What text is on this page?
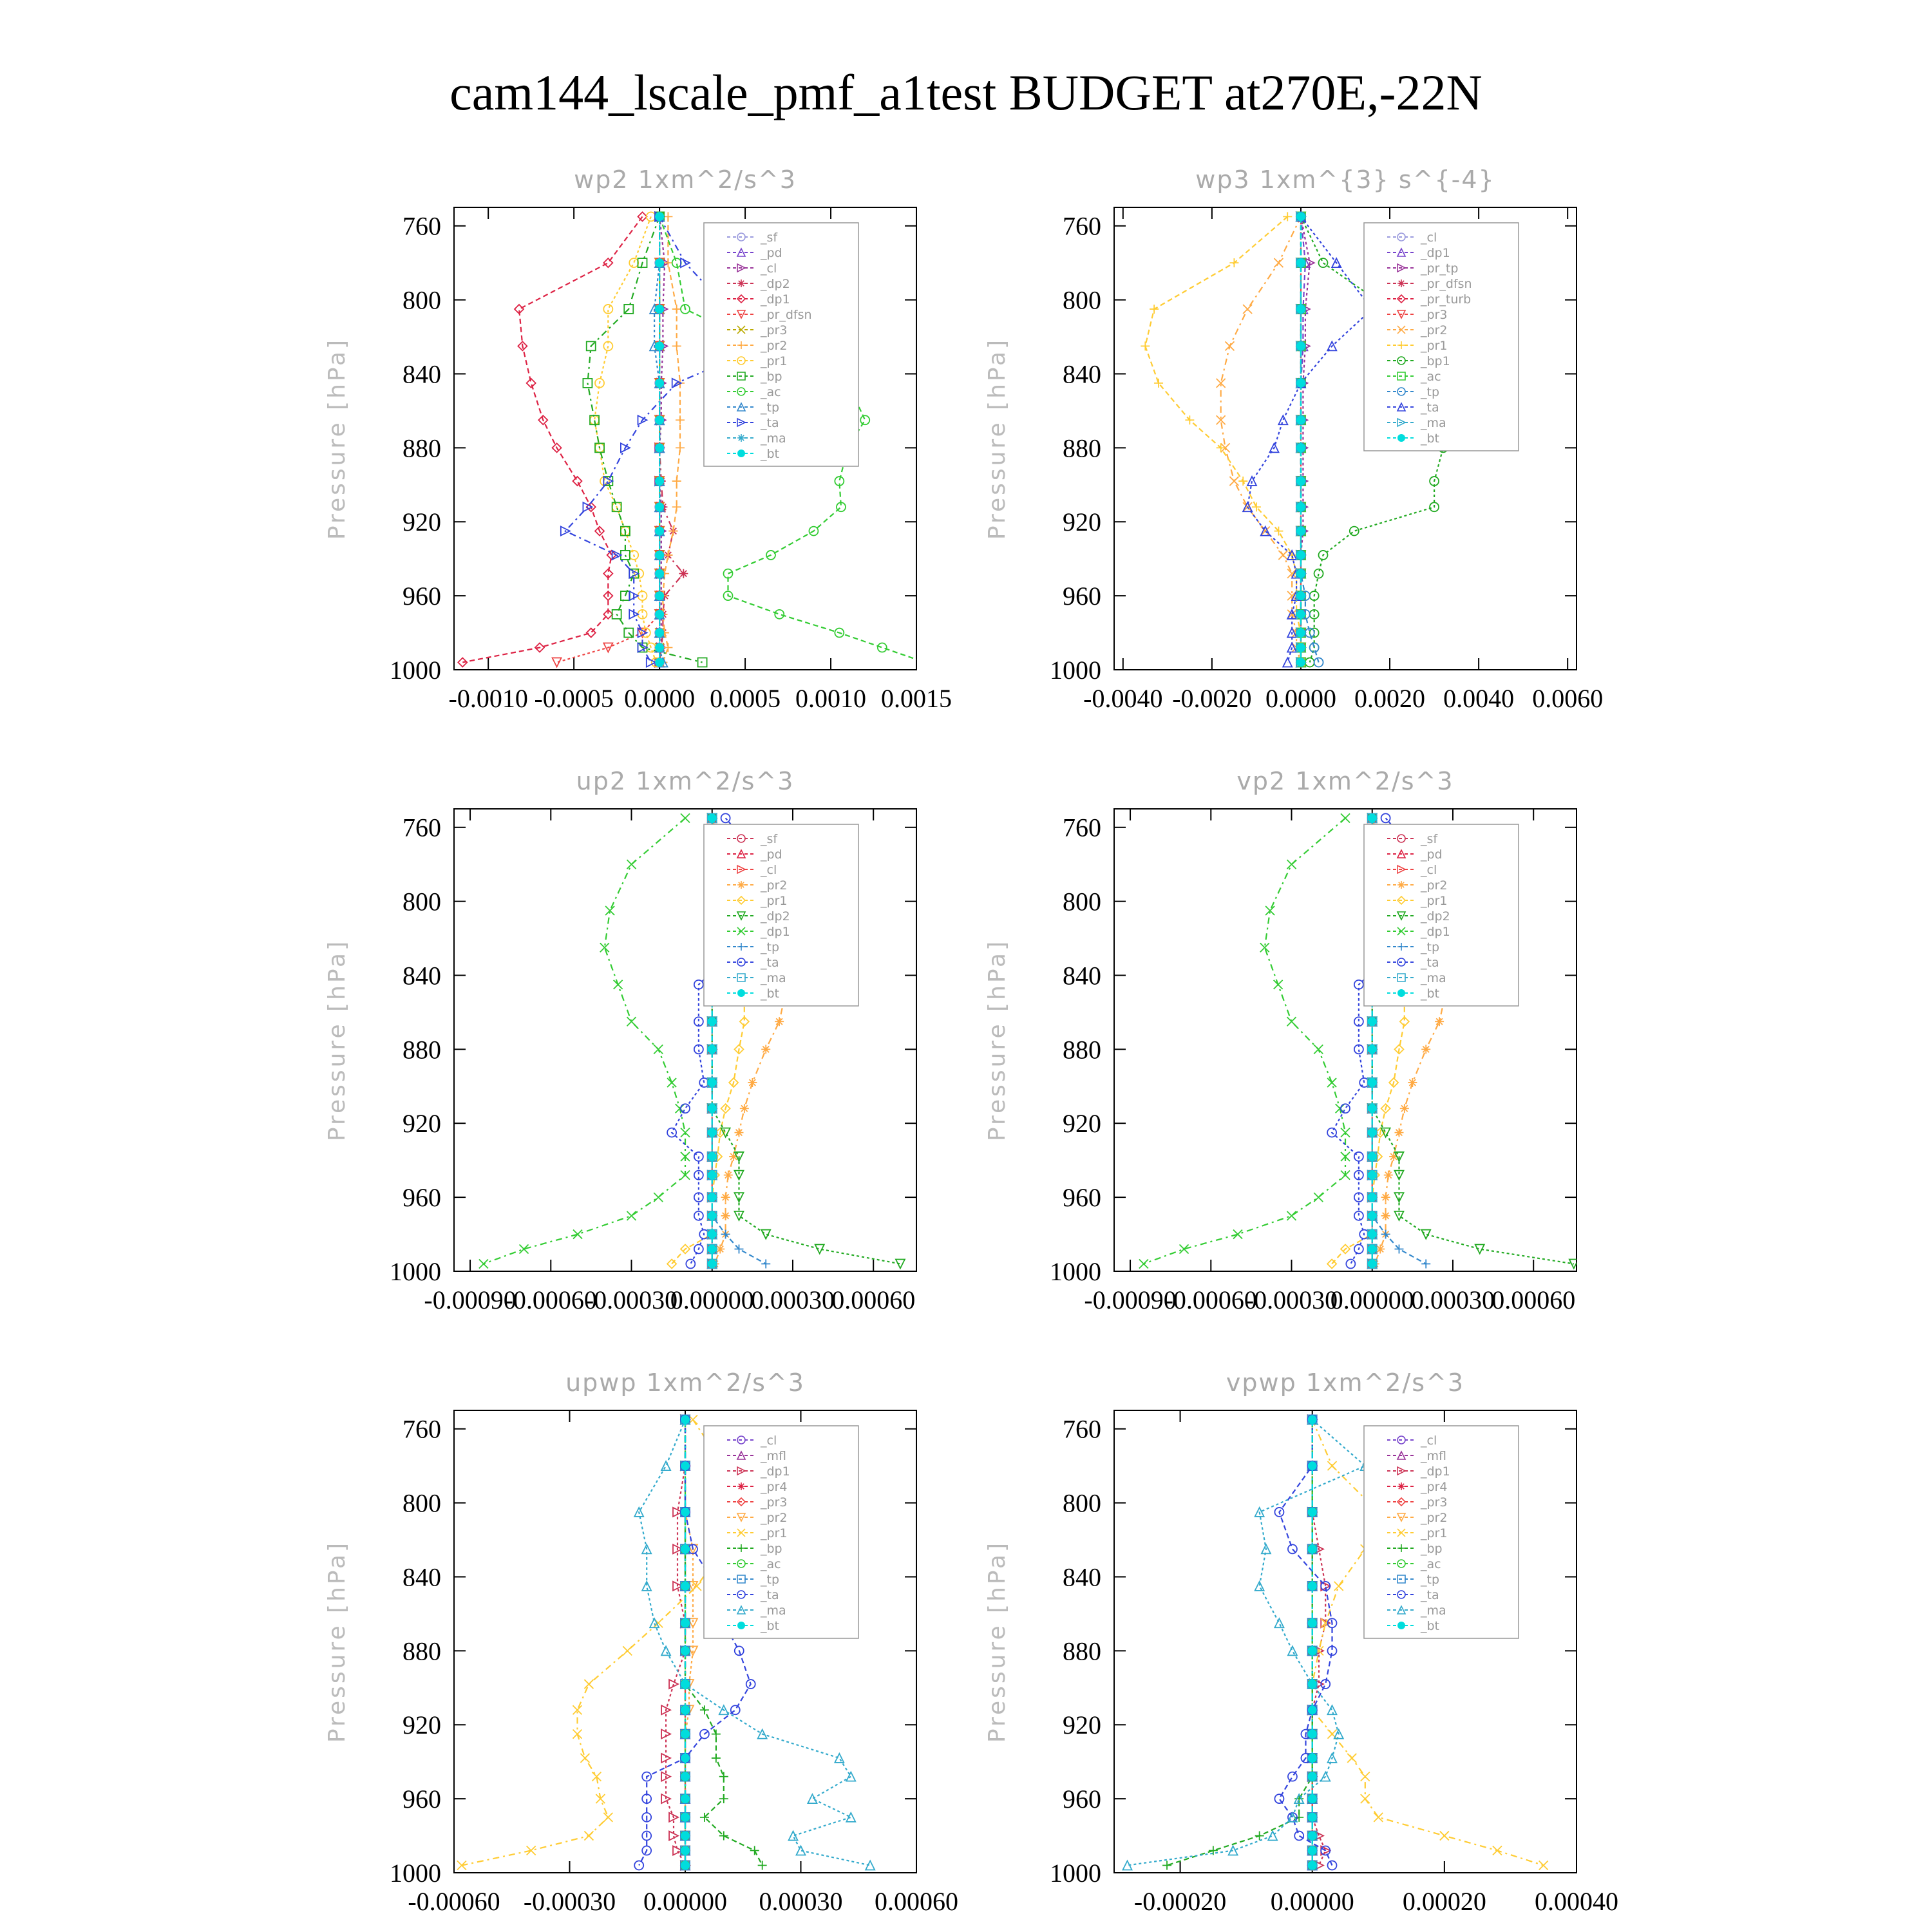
cam144_lscale_pmf_a1test BUDGET at270E,-22N
wp2 1xm^2/s^3
Pressure [hPa]
760
800
840
880
920
960
1000
-0.0010 -0.0005 0.0000 0.0005 0.0010 0.0015
_sf
_pd
_cl
_dp2
_dp1
_pr_dfsn
_pr3
_pr2
_pr1
_bp
_ac
_tp
_ta
_ma
_bt
wp3 1xm^{3} s^{-4}
Pressure [hPa]
760
800
840
880
920
960
1000
-0.0040 -0.0020 0.0000 0.0020 0.0040 0.0060
_cl
_dp1
_pr_tp
_pr_dfsn
_pr_turb
_pr3
_pr2
_pr1
_bp1
_ac
_tp
_ta
_ma
_bt
up2 1xm^2/s^3
Pressure [hPa]
760
800
840
880
920
960
1000
-0.00090
-0.00060
-0.00030
0.00000
0.00030
0.00060
_sf
_pd
_cl
_pr2
_pr1
_dp2
_dp1
_tp
_ta
_ma
_bt
vp2 1xm^2/s^3
Pressure [hPa]
760
800
840
880
920
960
1000
-0.00090
-0.00060
-0.00030
0.00000
0.00030
0.00060
_sf
_pd
_cl
_pr2
_pr1
_dp2
_dp1
_tp
_ta
_ma
_bt
upwp 1xm^2/s^3
Pressure [hPa]
760
800
840
880
920
960
1000
-0.00060 -0.00030 0.00000 0.00030 0.00060
_cl
_mfl
_dp1
_pr4
_pr3
_pr2
_pr1
_bp
_ac
_tp
_ta
_ma
_bt
vpwp 1xm^2/s^3
Pressure [hPa]
760
800
840
880
920
960
1000
-0.00020 0.00000 0.00020 0.00040
_cl
_mfl
_dp1
_pr4
_pr3
_pr2
_pr1
_bp
_ac
_tp
_ta
_ma
_bt
